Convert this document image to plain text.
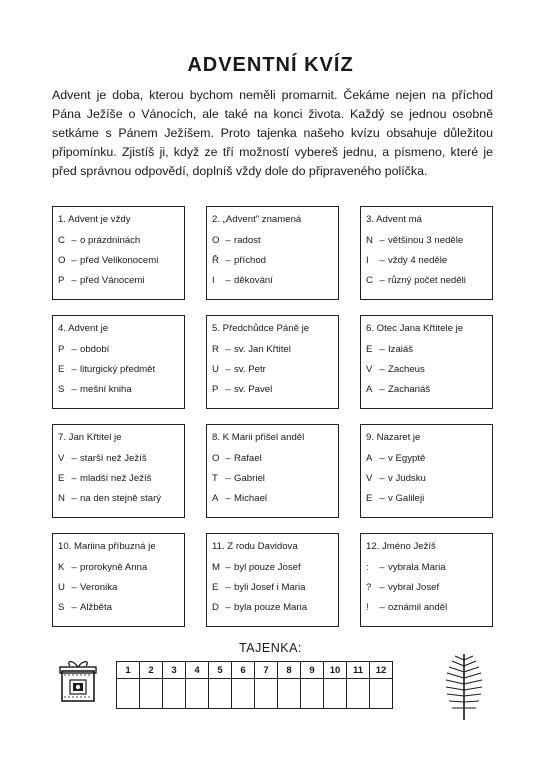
ADVENTNÍ KVÍZ

Advent je doba, kterou bychom neměli promarnit. Čekáme nejen na příchod Pána Ježíše o Vánocích, ale také na konci života. Každý se jednou osobně setkáme s Pánem Ježíšem. Proto tajenka našeho kvízu obsahuje důležitou připomínku. Zjistíš ji, když ze tří možností vybereš jednu, a písmeno, které je před správnou odpovědí, doplníš vždy dole do připraveného políčka.

1. Advent je vždy
C – o prázdninách
O – před Velikonocemi
P – před Vánocemi
2. „Advent" znamená
O – radost
Ř – příchod
I	– děkování
3. Advent má
N – většinou 3 neděle
I	– vždy 4 neděle
C – různý počet neděli
4. Advent je
P – období
E – liturgický předmět
S – mešní kniha
5. Předchůdce Páně je
R – sv. Jan Křtitel
U – sv. Petr
P – sv. Pavel
6. Otec Jana Křtitele je
E – Izaiáš
V – Zacheus
A – Zachariáš
7. Jan Křtitel je
V – starší než Ježíš
E – mladší než Ježíš
N – na den stejně starý
8. K Marii přišel anděl
O – Rafael
T – Gabriel
A – Michael
9. Nazaret je
A – v Egyptě
V – v Judsku
E – v Galileji
10. Mariina příbuzná je
K – prorokyně Anna
U – Veronika
S – Alžběta
11. Z rodu Davidova
M – byl pouze Josef
E – byli Josef i Maria
D – byla pouze Maria
12. Jméno Ježíš
:	– vybrala Maria
? – vybral Josef
!	– oznámil anděl
TAJENKA:
1	2	3	4	5	6	7	8	9	10	11	12
